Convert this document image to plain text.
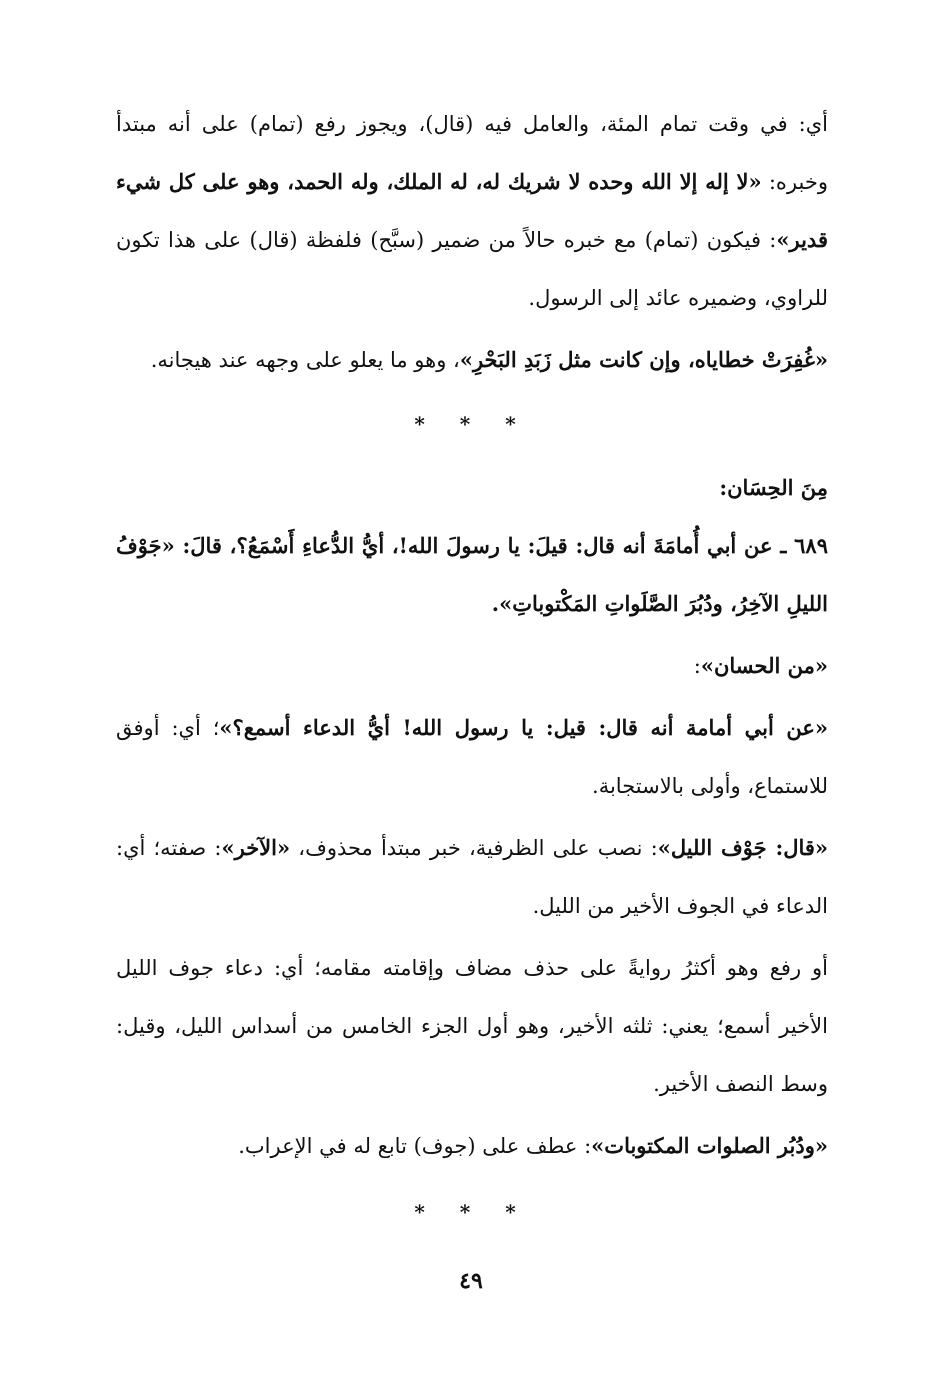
أي: في وقت تمام المئة، والعامل فيه (قال)، ويجوز رفع (تمام) على أنه مبتدأ وخبره: «لا إله إلا الله وحده لا شريك له، له الملك، وله الحمد، وهو على كل شيء قدير»: فيكون (تمام) مع خبره حالاً من ضمير (سبَّح) فلفظة (قال) على هذا تكون للراوي، وضميره عائد إلى الرسول.

«غُفِرَتْ خطاياه، وإن كانت مثل زَبَدِ البَحْرِ»، وهو ما يعلو على وجهه عند هيجانه.

* * *

مِنَ الحِسَان:

٦٨٩ ـ عن أبي أُمامَةَ أنه قال: قيلَ: يا رسولَ الله!، أيُّ الدُّعاءِ أَسْمَعُ؟، قالَ: «جَوْفُ الليلِ الآخِرُ، ودُبُرَ الصَّلَواتِ المَكْتوباتِ».

«من الحسان»:

«عن أبي أمامة أنه قال: قيل: يا رسول الله! أيُّ الدعاء أسمع؟»؛ أي: أوفق للاستماع، وأولى بالاستجابة.

«قال: جَوْف الليل»: نصب على الظرفية، خبر مبتدأ محذوف، «الآخر»: صفته؛ أي: الدعاء في الجوف الأخير من الليل.

أو رفع وهو أكثرُ روايةً على حذف مضاف وإقامته مقامه؛ أي: دعاء جوف الليل الأخير أسمع؛ يعني: ثلثه الأخير، وهو أول الجزء الخامس من أسداس الليل، وقيل: وسط النصف الأخير.

«ودُبُر الصلوات المكتوبات»: عطف على (جوف) تابع له في الإعراب.

* * *
٤٩
